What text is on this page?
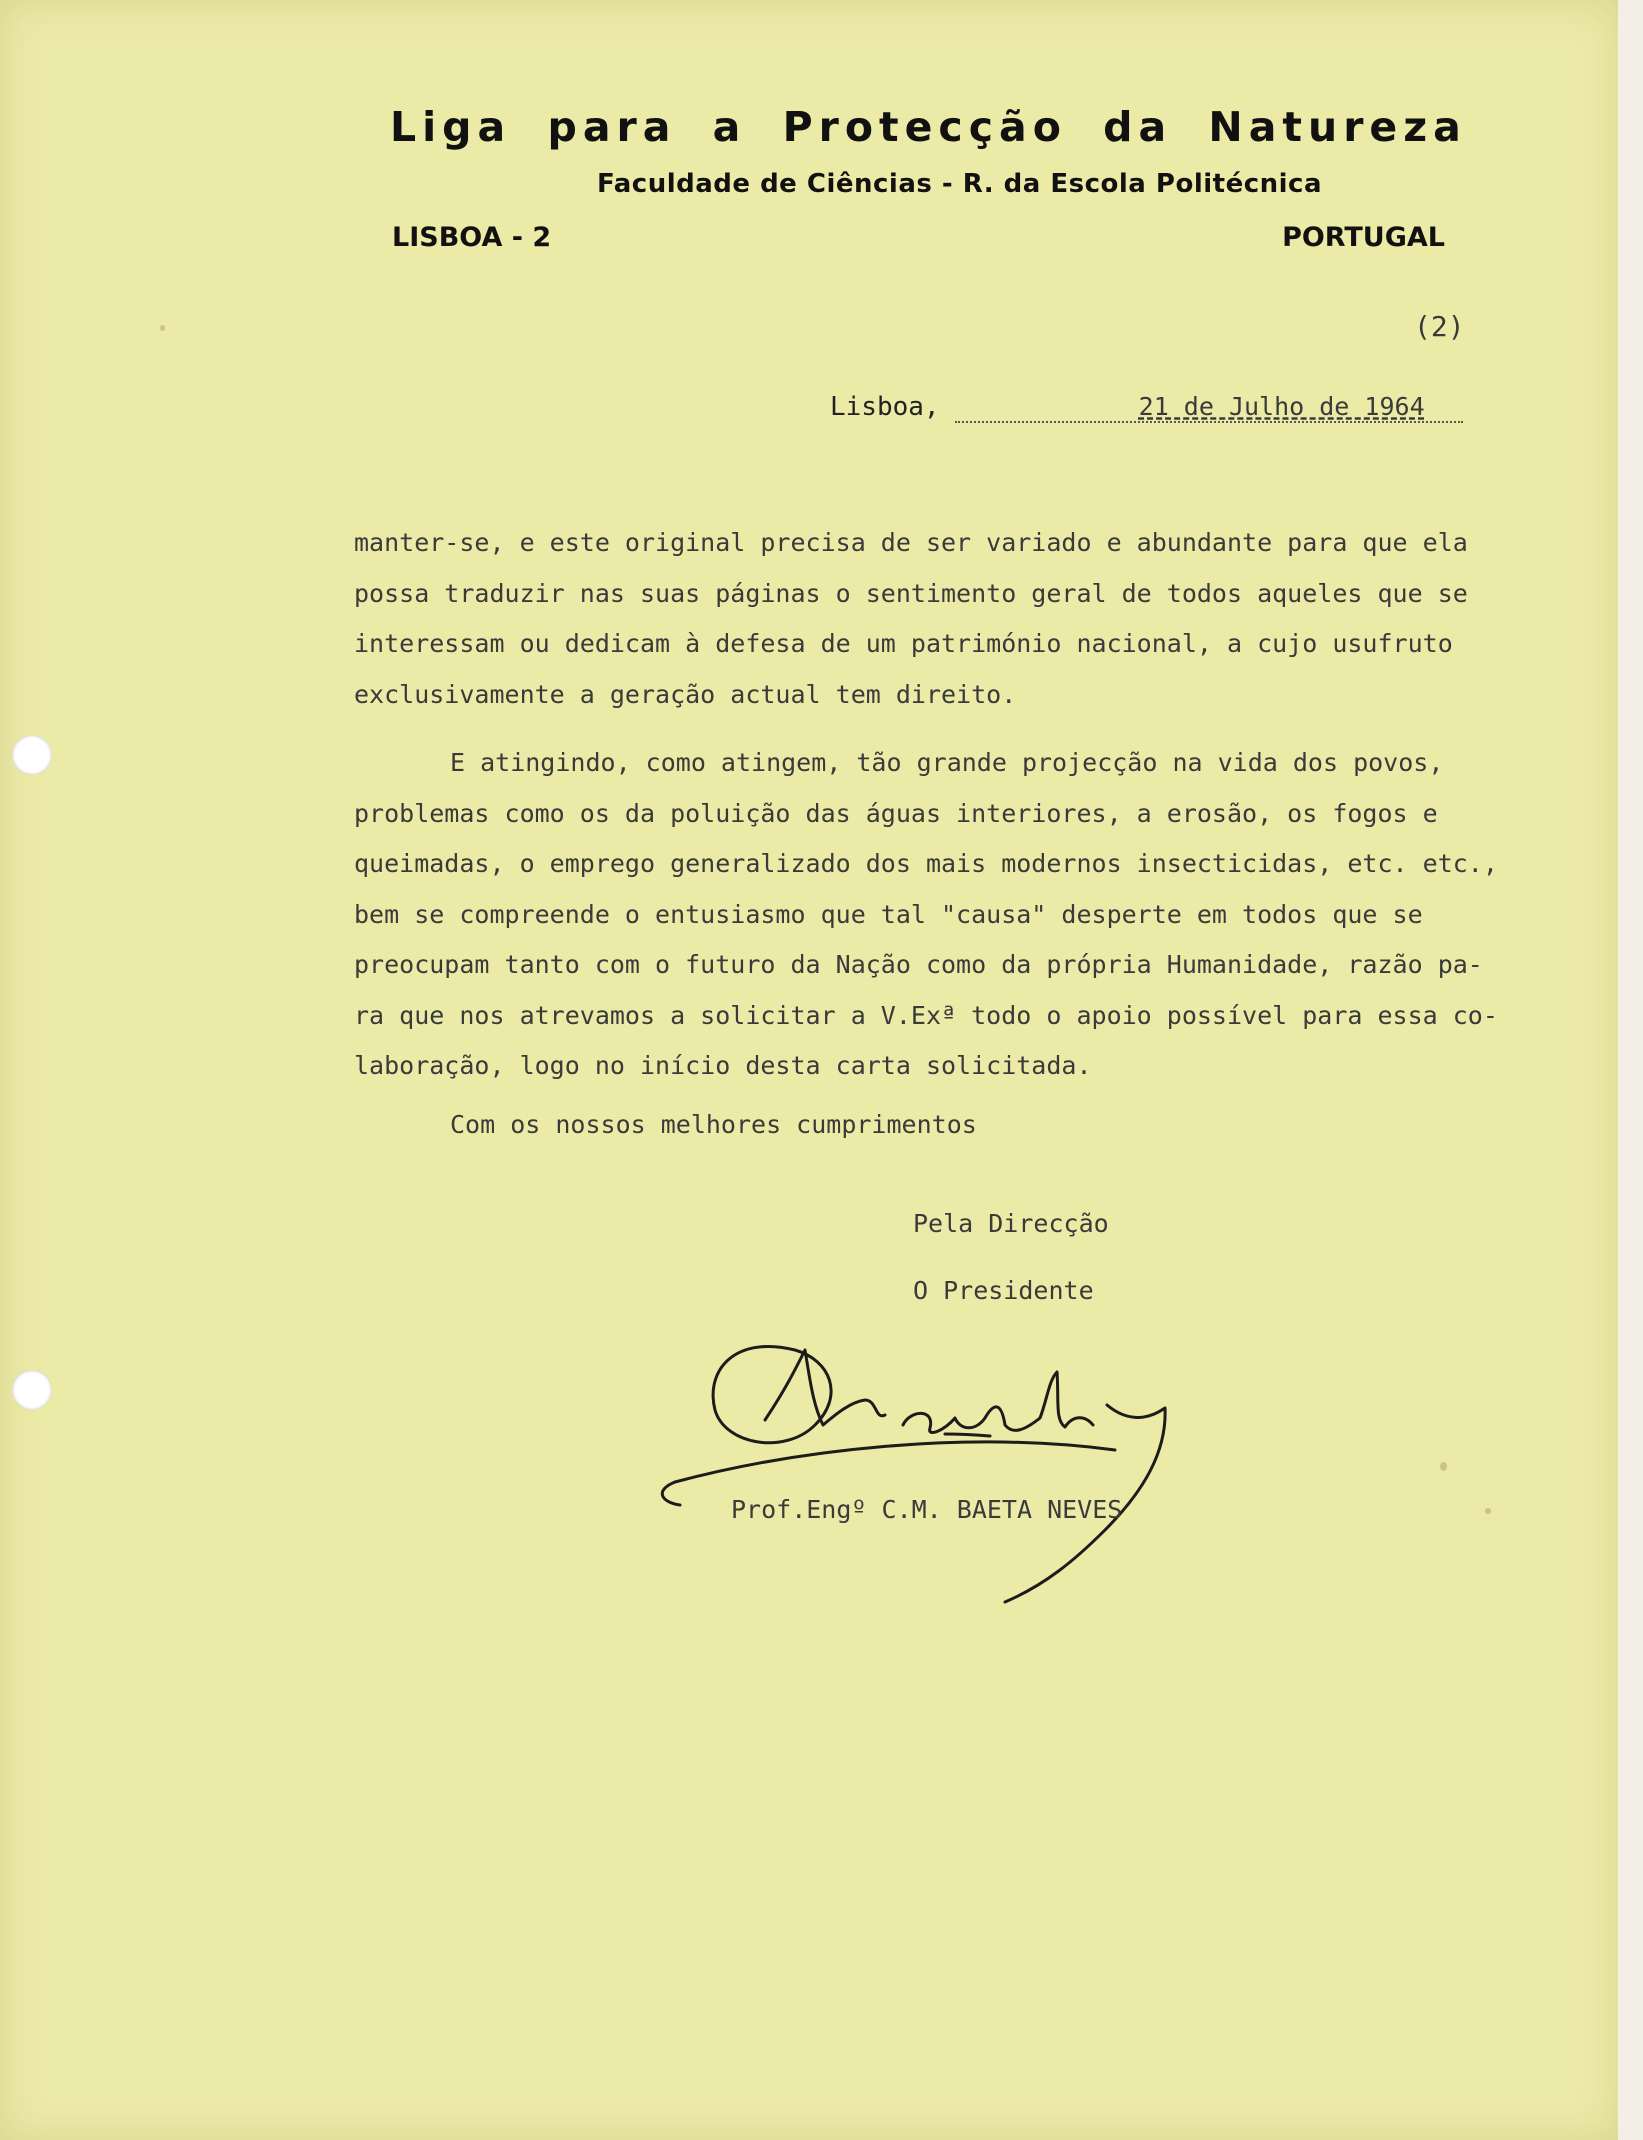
Liga para a Protecção da Natureza
Faculdade de Ciências - R. da Escola Politécnica
LISBOA - 2	PORTUGAL
(2)
Lisboa,	21 de Julho de 1964
manter-se, e este original precisa de ser variado e abundante para que ela
possa traduzir nas suas páginas o sentimento geral de todos aqueles que se
interessam ou dedicam à defesa de um património nacional, a cujo usufruto
exclusivamente a geração actual tem direito.
E atingindo, como atingem, tão grande projecção na vida dos povos,
problemas como os da poluição das águas interiores, a erosão, os fogos e
queimadas, o emprego generalizado dos mais modernos insecticidas, etc. etc.,
bem se compreende o entusiasmo que tal "causa" desperte em todos que se
preocupam tanto com o futuro da Nação como da própria Humanidade, razão pa-
ra que nos atrevamos a solicitar a V.Exª todo o apoio possível para essa co-
laboração, logo no início desta carta solicitada.
Com os nossos melhores cumprimentos
Pela Direcção
O Presidente
Prof.Engº C.M. BAETA NEVES
